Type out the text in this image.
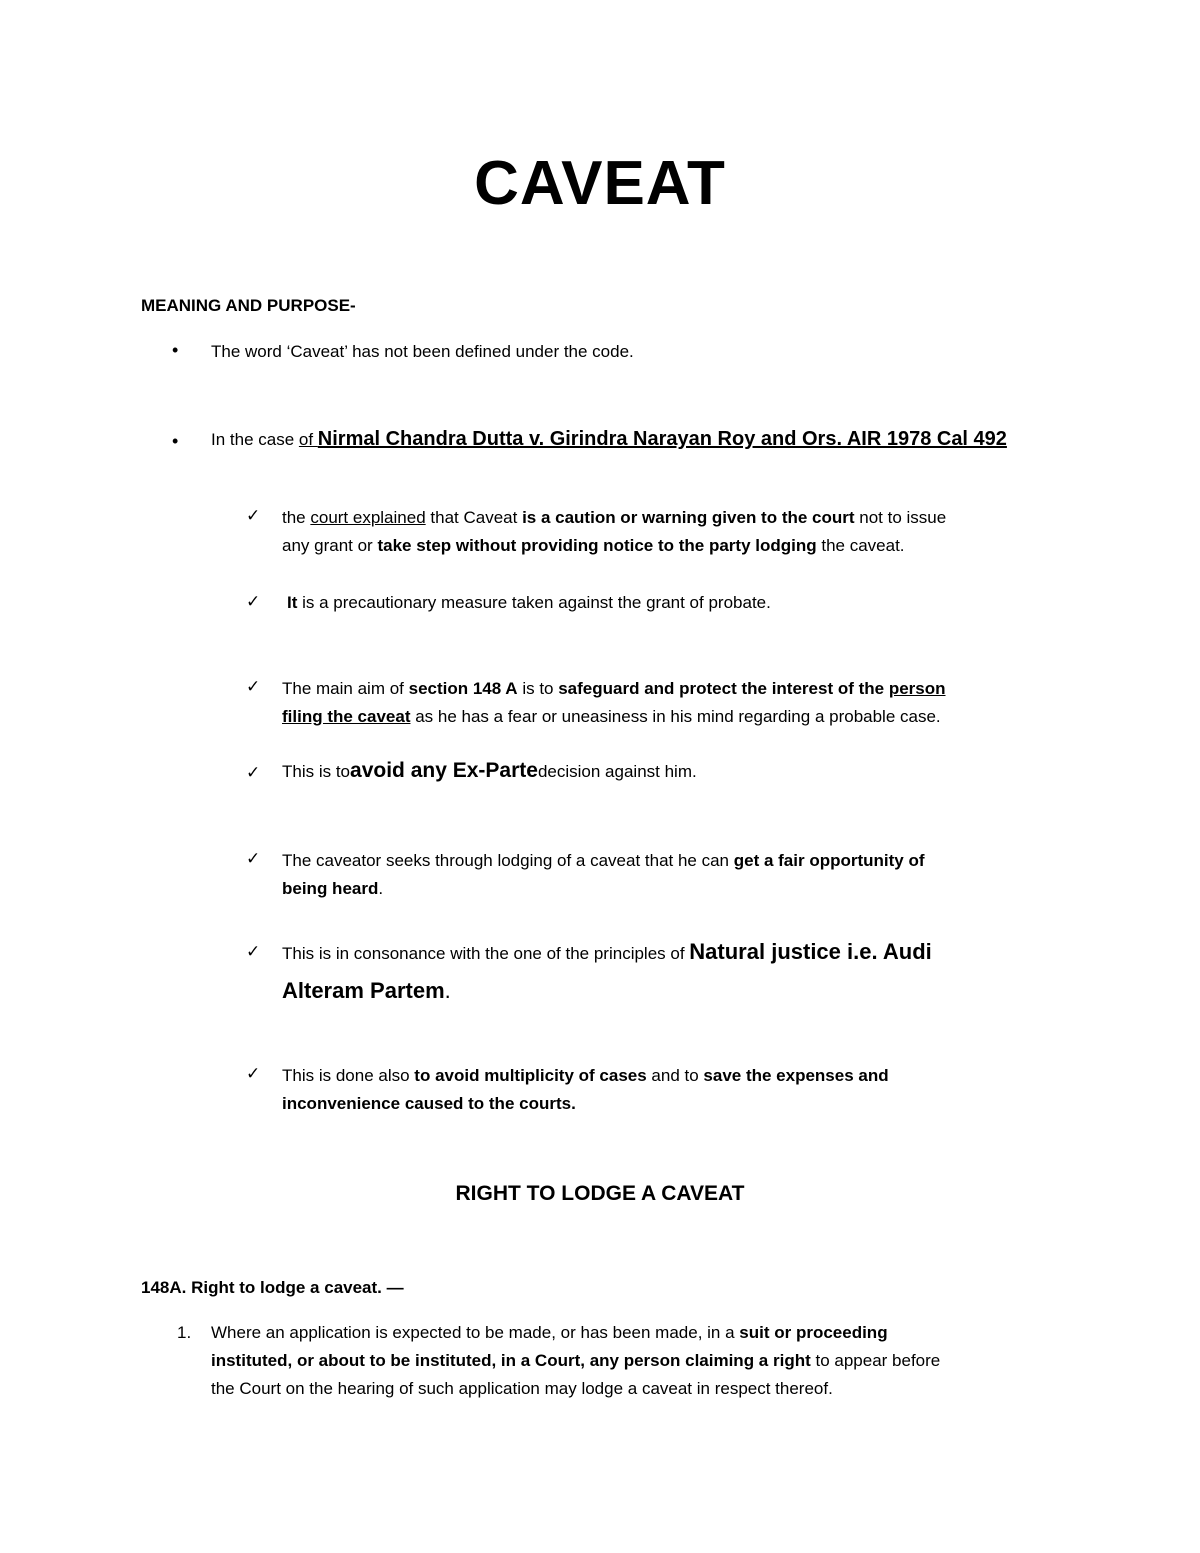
CAVEAT
MEANING AND PURPOSE-
• The word ‘Caveat’ has not been defined under the code.
• In the case of Nirmal Chandra Dutta v. Girindra Narayan Roy and Ors. AIR 1978 Cal 492
✓ the court explained that Caveat is a caution or warning given to the court not to issue
any grant or take step without providing notice to the party lodging the caveat.
✓ It is a precautionary measure taken against the grant of probate.
✓ The main aim of section 148 A is to safeguard and protect the interest of the person
filing the caveat as he has a fear or uneasiness in his mind regarding a probable case.
✓ This is toavoid any Ex-Partedecision against him.
✓ The caveator seeks through lodging of a caveat that he can get a fair opportunity of
being heard.
✓ This is in consonance with the one of the principles of Natural justice i.e. Audi
Alteram Partem.
✓ This is done also to avoid multiplicity of cases and to save the expenses and
inconvenience caused to the courts.
RIGHT TO LODGE A CAVEAT
148A. Right to lodge a caveat. —
1. Where an application is expected to be made, or has been made, in a suit or proceeding
instituted, or about to be instituted, in a Court, any person claiming a right to appear before
the Court on the hearing of such application may lodge a caveat in respect thereof.
